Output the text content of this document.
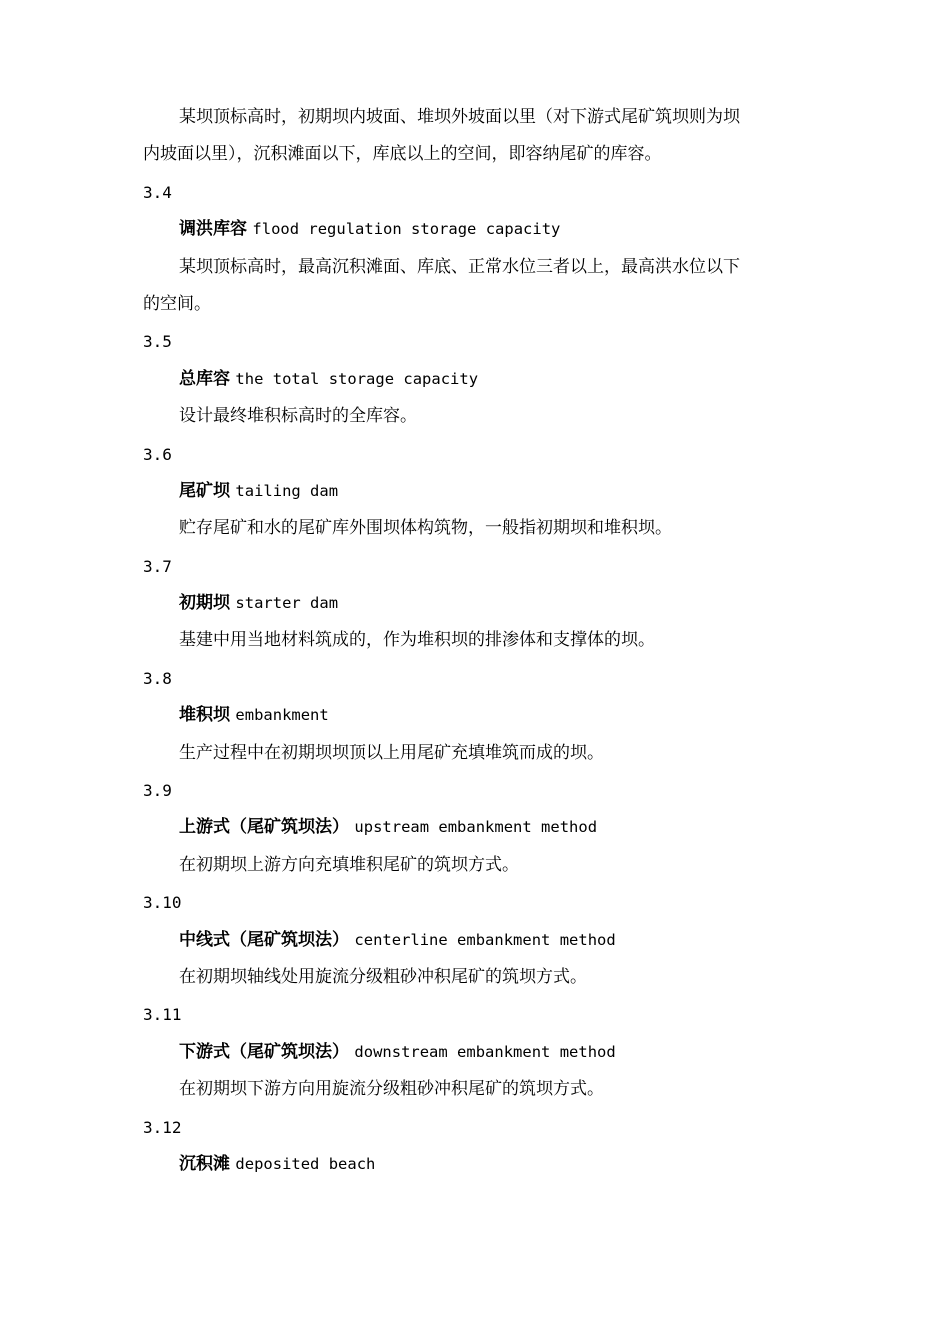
某坝顶标高时，初期坝内坡面、堆坝外坡面以里（对下游式尾矿筑坝则为坝
内坡面以里），沉积滩面以下，库底以上的空间，即容纳尾矿的库容。
3.4
调洪库容 flood regulation storage capacity
某坝顶标高时，最高沉积滩面、库底、正常水位三者以上，最高洪水位以下
的空间。
3.5
总库容 the total storage capacity
设计最终堆积标高时的全库容。
3.6
尾矿坝 tailing dam
贮存尾矿和水的尾矿库外围坝体构筑物，一般指初期坝和堆积坝。
3.7
初期坝 starter dam
基建中用当地材料筑成的，作为堆积坝的排渗体和支撑体的坝。
3.8
堆积坝 embankment
生产过程中在初期坝坝顶以上用尾矿充填堆筑而成的坝。
3.9
上游式（尾矿筑坝法） upstream embankment method
在初期坝上游方向充填堆积尾矿的筑坝方式。
3.10
中线式（尾矿筑坝法） centerline embankment method
在初期坝轴线处用旋流分级粗砂冲积尾矿的筑坝方式。
3.11
下游式（尾矿筑坝法） downstream embankment method
在初期坝下游方向用旋流分级粗砂冲积尾矿的筑坝方式。
3.12
沉积滩 deposited beach
